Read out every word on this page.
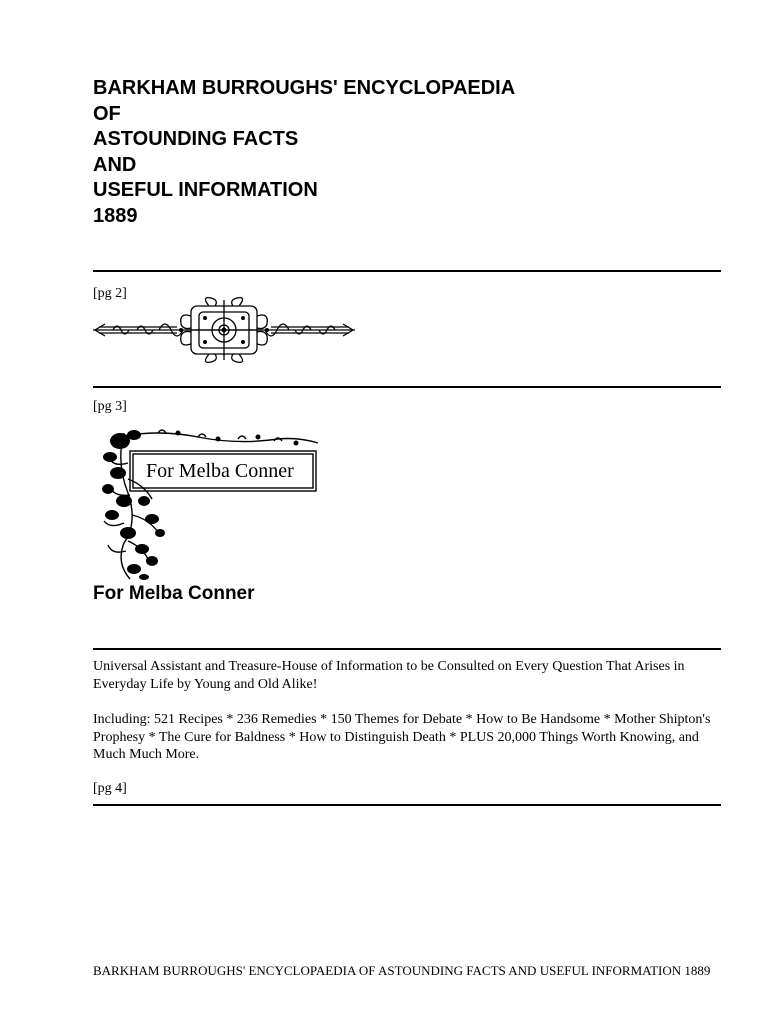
BARKHAM BURROUGHS' ENCYCLOPAEDIA
OF
ASTOUNDING FACTS
AND
USEFUL INFORMATION
1889
[pg 2]
[pg 3]
For Melba Conner
For Melba Conner

Universal Assistant and Treasure-House of Information to be Consulted on Every Question That Arises in Everyday Life by Young and Old Alike!

Including: 521 Recipes * 236 Remedies * 150 Themes for Debate * How to Be Handsome * Mother Shipton's Prophesy * The Cure for Baldness * How to Distinguish Death * PLUS 20,000 Things Worth Knowing, and Much Much More.

[pg 4]
BARKHAM BURROUGHS' ENCYCLOPAEDIA OF ASTOUNDING FACTS AND USEFUL INFORMATION 1889
